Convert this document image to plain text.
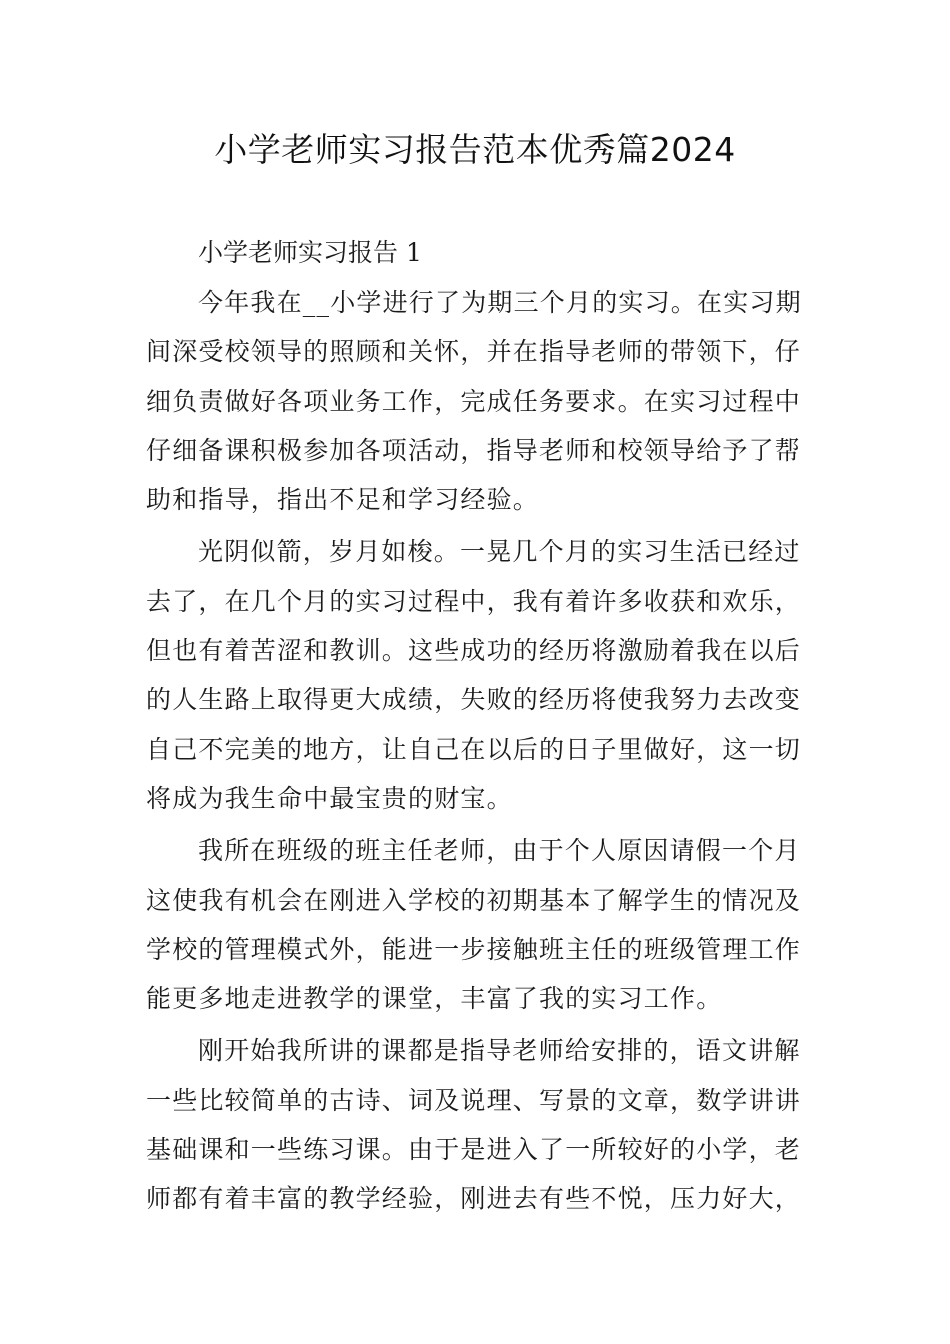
小学老师实习报告范本优秀篇2024

小学老师实习报告 1

今年我在__小学进行了为期三个月的实习。在实习期
间深受校领导的照顾和关怀，并在指导老师的带领下，仔
细负责做好各项业务工作，完成任务要求。在实习过程中
仔细备课积极参加各项活动，指导老师和校领导给予了帮
助和指导，指出不足和学习经验。
光阴似箭，岁月如梭。一晃几个月的实习生活已经过
去了，在几个月的实习过程中，我有着许多收获和欢乐，
但也有着苦涩和教训。这些成功的经历将激励着我在以后
的人生路上取得更大成绩，失败的经历将使我努力去改变
自己不完美的地方，让自己在以后的日子里做好，这一切
将成为我生命中最宝贵的财宝。
我所在班级的班主任老师，由于个人原因请假一个月
这使我有机会在刚进入学校的初期基本了解学生的情况及
学校的管理模式外，能进一步接触班主任的班级管理工作
能更多地走进教学的课堂，丰富了我的实习工作。
刚开始我所讲的课都是指导老师给安排的，语文讲解
一些比较简单的古诗、词及说理、写景的文章，数学讲讲
基础课和一些练习课。由于是进入了一所较好的小学，老
师都有着丰富的教学经验，刚进去有些不悦，压力好大，
